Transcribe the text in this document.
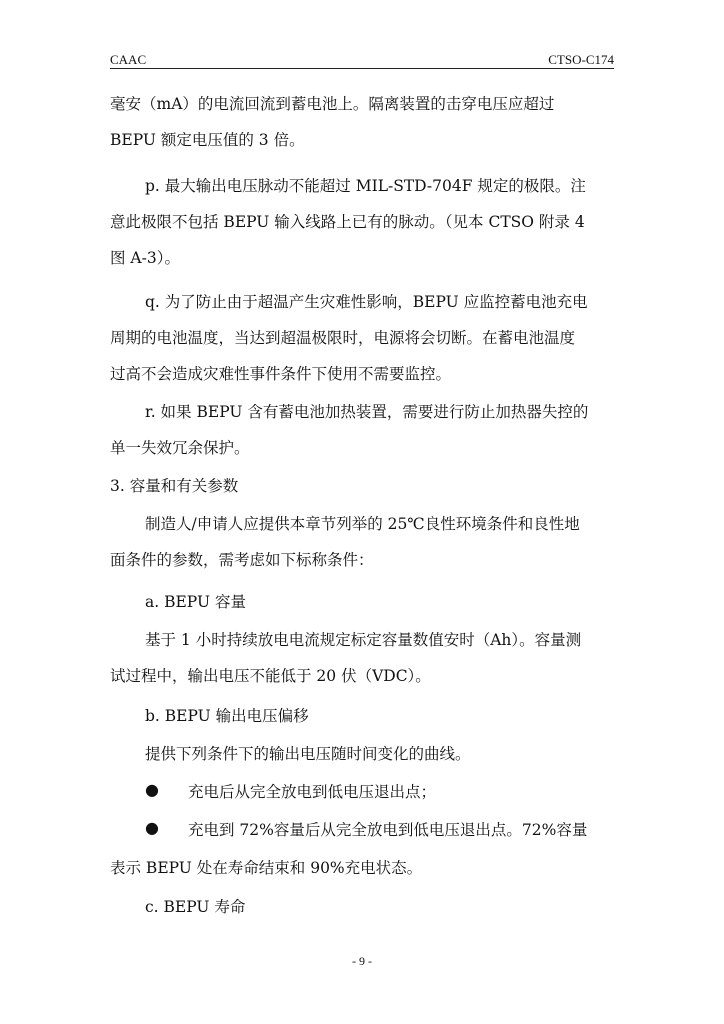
CAAC	CTSO-C174
毫安（mA）的电流回流到蓄电池上。隔离装置的击穿电压应超过
BEPU 额定电压值的 3 倍。
p. 最大输出电压脉动不能超过 MIL-STD-704F 规定的极限。注
意此极限不包括 BEPU 输入线路上已有的脉动。（见本 CTSO 附录 4
图 A-3）。
q. 为了防止由于超温产生灾难性影响，BEPU 应监控蓄电池充电
周期的电池温度，当达到超温极限时，电源将会切断。在蓄电池温度
过高不会造成灾难性事件条件下使用不需要监控。
r. 如果 BEPU 含有蓄电池加热装置，需要进行防止加热器失控的
单一失效冗余保护。
3. 容量和有关参数
制造人/申请人应提供本章节列举的 25℃良性环境条件和良性地
面条件的参数，需考虑如下标称条件：
a. BEPU 容量
基于 1 小时持续放电电流规定标定容量数值安时（Ah）。容量测
试过程中，输出电压不能低于 20 伏（VDC）。
b. BEPU 输出电压偏移
提供下列条件下的输出电压随时间变化的曲线。
● 充电后从完全放电到低电压退出点；
● 充电到 72%容量后从完全放电到低电压退出点。72%容量
表示 BEPU 处在寿命结束和 90%充电状态。
c. BEPU 寿命
- 9 -
